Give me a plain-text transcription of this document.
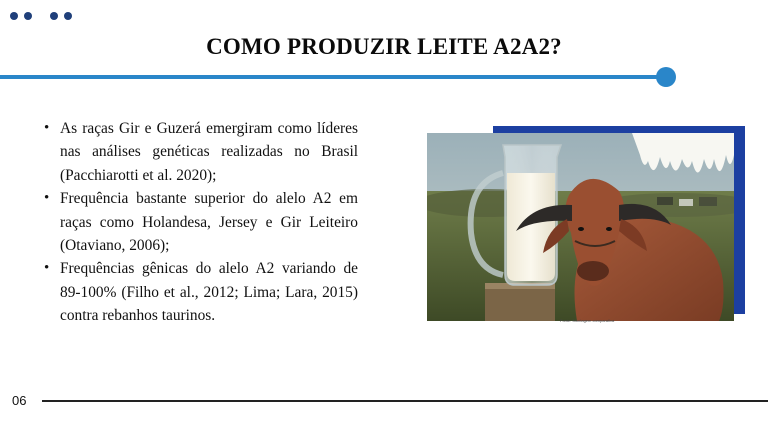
COMO PRODUZIR LEITE A2A2?
• As raças Gir e Guzerá emergiram como líderes nas análises genéticas realizadas no Brasil (Pacchiarotti et al. 2020);
• Frequência bastante superior do alelo A2 em raças como Holandesa, Jersey e Gir Leiteiro (Otaviano, 2006);
• Frequências gênicas do alelo A2 variando de 89-100% (Filho et al., 2012; Lima; Lara, 2015) contra rebanhos taurinos.	Fonte: Montagem comparativa
06
